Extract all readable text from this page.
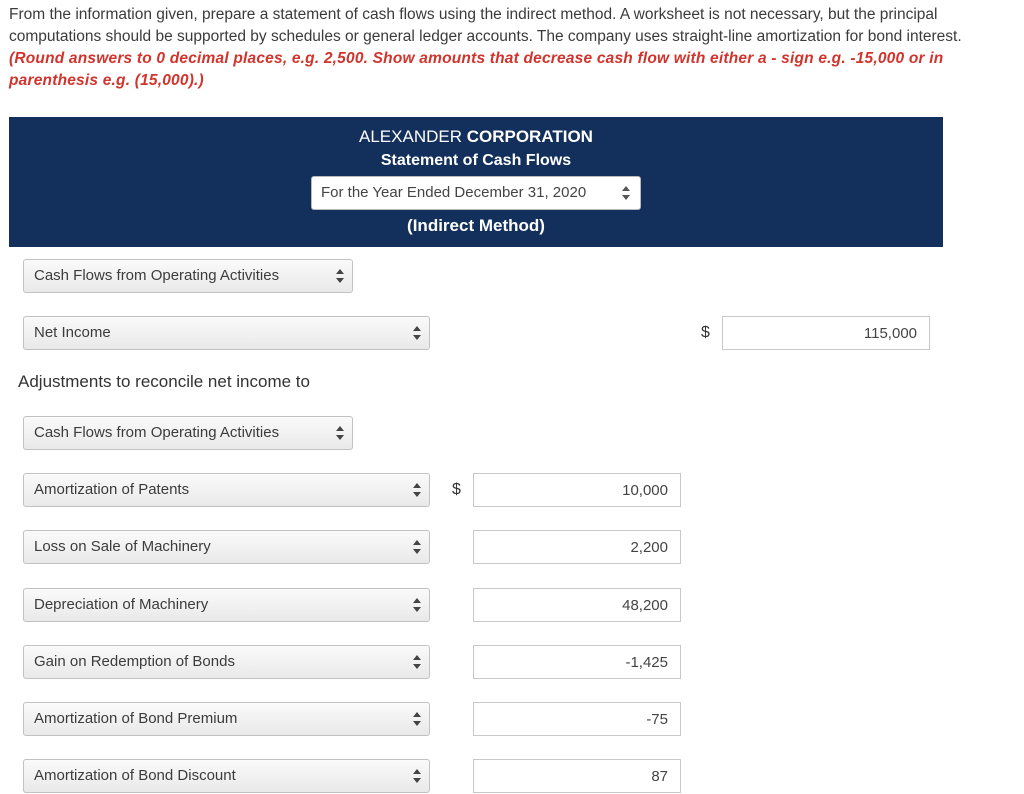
From the information given, prepare a statement of cash flows using the indirect method. A worksheet is not necessary, but the principal computations should be supported by schedules or general ledger accounts. The company uses straight-line amortization for bond interest. (Round answers to 0 decimal places, e.g. 2,500. Show amounts that decrease cash flow with either a - sign e.g. -15,000 or in parenthesis e.g. (15,000).)
ALEXANDER CORPORATION
Statement of Cash Flows
For the Year Ended December 31, 2020
(Indirect Method)
Cash Flows from Operating Activities
Net Income	$
115,000
Adjustments to reconcile net income to
Cash Flows from Operating Activities
Amortization of Patents	$
10,000
Loss on Sale of Machinery
2,200
Depreciation of Machinery
48,200
Gain on Redemption of Bonds
-1,425
Amortization of Bond Premium
-75
Amortization of Bond Discount
87
